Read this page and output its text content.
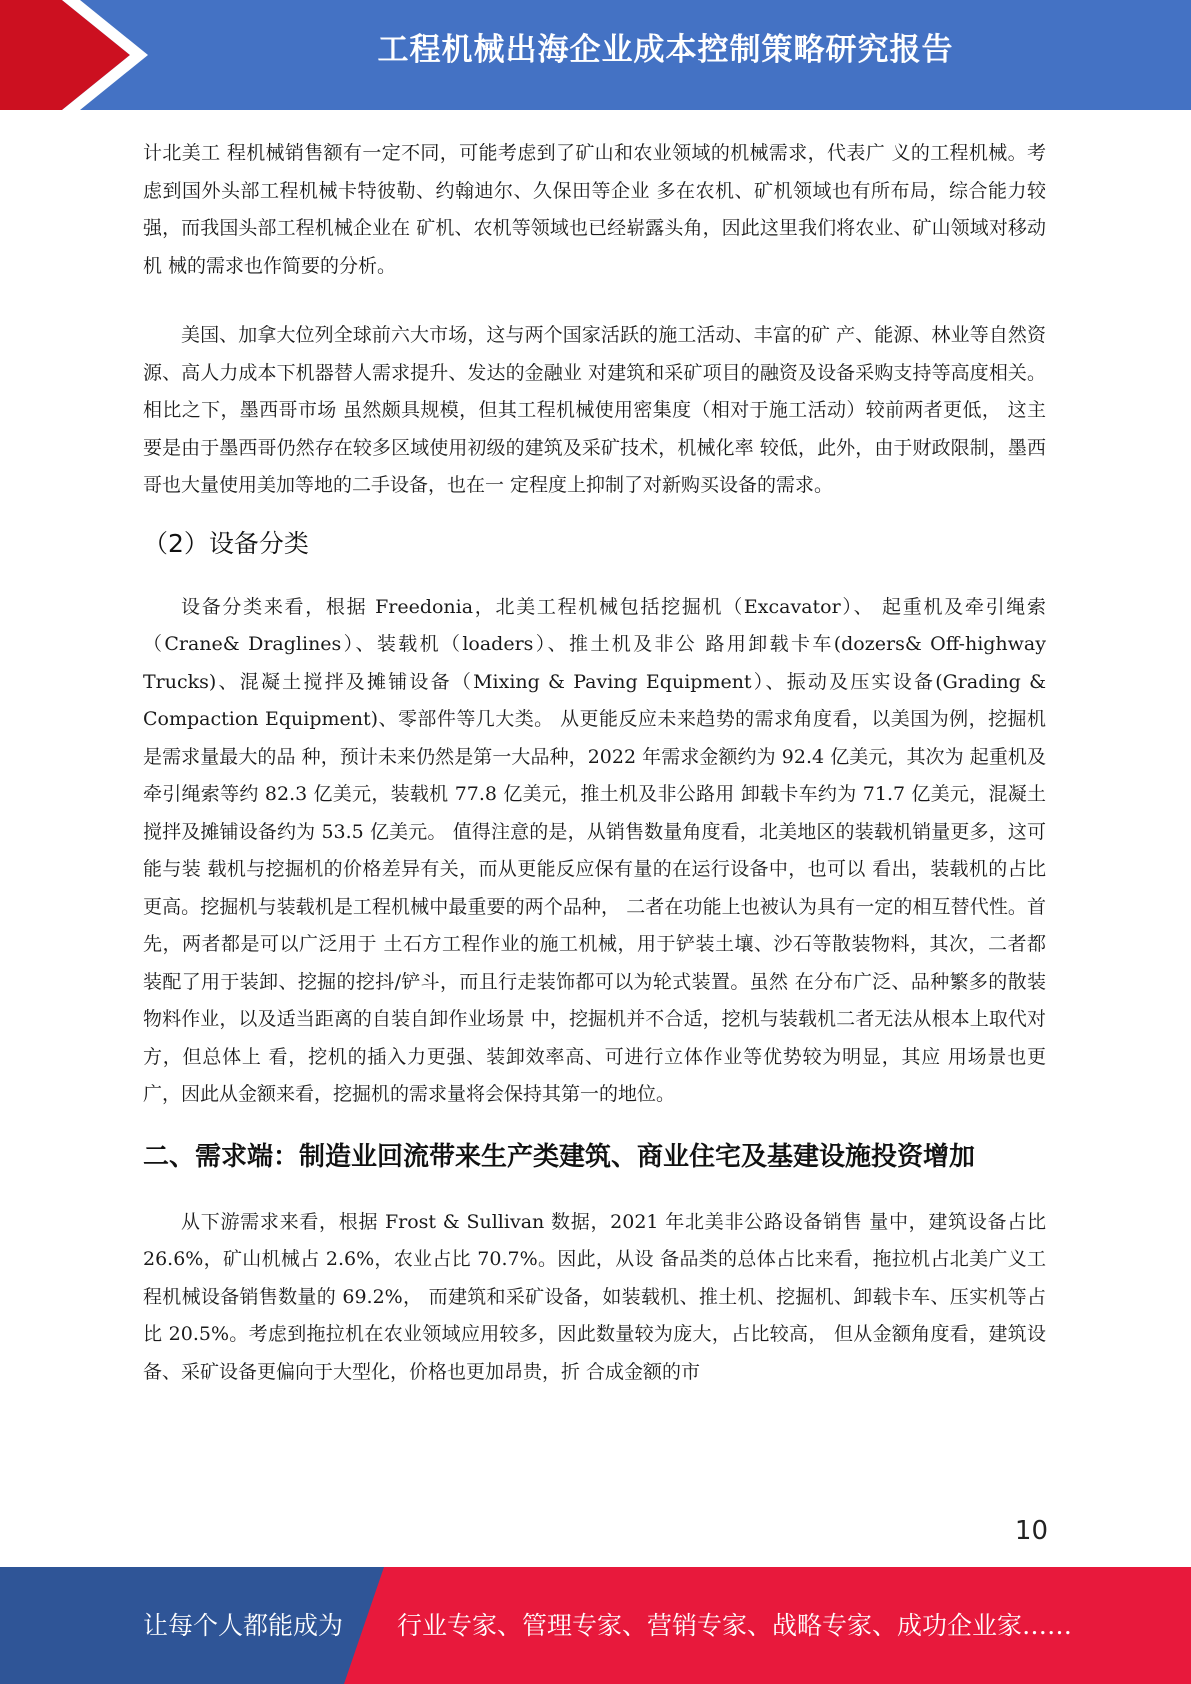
工程机械出海企业成本控制策略研究报告

计北美工 程机械销售额有一定不同，可能考虑到了矿山和农业领域的机械需求，代表广 义的工程机械。考虑到国外头部工程机械卡特彼勒、约翰迪尔、久保田等企业 多在农机、矿机领域也有所布局，综合能力较强，而我国头部工程机械企业在 矿机、农机等领域也已经崭露头角，因此这里我们将农业、矿山领域对移动机 械的需求也作简要的分析。

美国、加拿大位列全球前六大市场，这与两个国家活跃的施工活动、丰富的矿 产、能源、林业等自然资源、高人力成本下机器替人需求提升、发达的金融业 对建筑和采矿项目的融资及设备采购支持等高度相关。相比之下，墨西哥市场 虽然颇具规模，但其工程机械使用密集度（相对于施工活动）较前两者更低， 这主要是由于墨西哥仍然存在较多区域使用初级的建筑及采矿技术，机械化率 较低，此外，由于财政限制，墨西哥也大量使用美加等地的二手设备，也在一 定程度上抑制了对新购买设备的需求。

（2）设备分类

设备分类来看，根据 Freedonia，北美工程机械包括挖掘机（Excavator）、 起重机及牵引绳索（Crane& Draglines）、装载机（loaders）、推土机及非公 路用卸载卡车(dozers& Off-highway Trucks)、混凝土搅拌及摊铺设备（Mixing & Paving Equipment）、振动及压实设备(Grading & Compaction Equipment)、零部件等几大类。 从更能反应未来趋势的需求角度看，以美国为例，挖掘机是需求量最大的品 种，预计未来仍然是第一大品种，2022 年需求金额约为 92.4 亿美元，其次为 起重机及牵引绳索等约 82.3 亿美元，装载机 77.8 亿美元，推土机及非公路用 卸载卡车约为 71.7 亿美元，混凝土搅拌及摊铺设备约为 53.5 亿美元。 值得注意的是，从销售数量角度看，北美地区的装载机销量更多，这可能与装 载机与挖掘机的价格差异有关，而从更能反应保有量的在运行设备中，也可以 看出，装载机的占比更高。挖掘机与装载机是工程机械中最重要的两个品种， 二者在功能上也被认为具有一定的相互替代性。首先，两者都是可以广泛用于 土石方工程作业的施工机械，用于铲装土壤、沙石等散装物料，其次，二者都 装配了用于装卸、挖掘的挖抖/铲斗，而且行走装饰都可以为轮式装置。虽然 在分布广泛、品种繁多的散装物料作业，以及适当距离的自装自卸作业场景 中，挖掘机并不合适，挖机与装载机二者无法从根本上取代对方，但总体上 看，挖机的插入力更强、装卸效率高、可进行立体作业等优势较为明显，其应 用场景也更广，因此从金额来看，挖掘机的需求量将会保持其第一的地位。

二、需求端：制造业回流带来生产类建筑、商业住宅及基建设施投资增加

从下游需求来看，根据 Frost & Sullivan 数据，2021 年北美非公路设备销售 量中，建筑设备占比 26.6%，矿山机械占 2.6%，农业占比 70.7%。因此，从设 备品类的总体占比来看，拖拉机占北美广义工程机械设备销售数量的 69.2%， 而建筑和采矿设备，如装载机、推土机、挖掘机、卸载卡车、压实机等占比 20.5%。考虑到拖拉机在农业领域应用较多，因此数量较为庞大，占比较高， 但从金额角度看，建筑设备、采矿设备更偏向于大型化，价格也更加昂贵，折 合成金额的市

10
让每个人都能成为 行业专家、管理专家、营销专家、战略专家、成功企业家……
